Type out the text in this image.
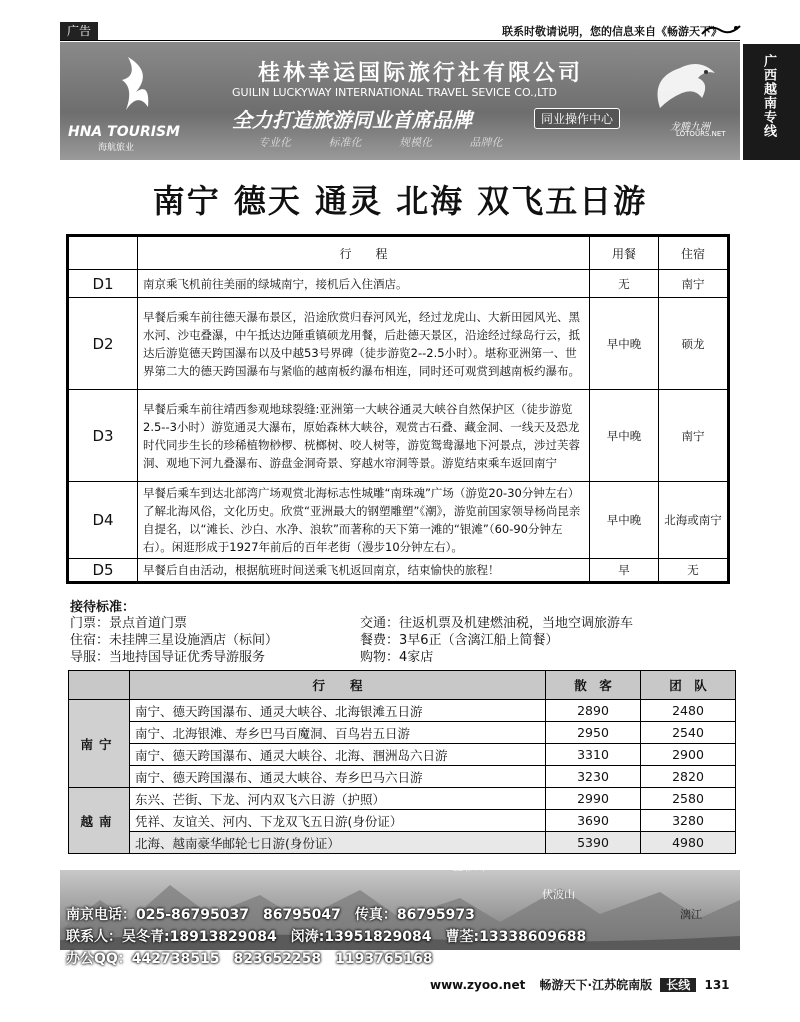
广告	联系时敬请说明，您的信息来自《畅游天下》
广西越南专线
HNA TOURISM
海航旅业
桂林幸运国际旅行社有限公司
GUILIN LUCKYWAY INTERNATIONAL TRAVEL SEVICE CO.,LTD
全力打造旅游同业首席品牌	同业操作中心
专业化	标准化	规模化	品牌化
龙腾九洲
LOTOURS.NET
南宁 德天 通灵 北海 双飞五日游
	行　　程	用餐	住宿
D1	南京乘飞机前往美丽的绿城南宁，接机后入住酒店。	无	南宁
D2	早餐后乘车前往德天瀑布景区，沿途欣赏归春河风光，经过龙虎山、大新田园风光、黑水河、沙屯叠瀑，中午抵达边陲重镇硕龙用餐，后赴德天景区，沿途经过绿岛行云，抵达后游览德天跨国瀑布以及中越53号界碑（徒步游览2--2.5小时）。堪称亚洲第一、世界第二大的德天跨国瀑布与紧临的越南板约瀑布相连，同时还可观赏到越南板约瀑布。	早中晚	硕龙
D3	早餐后乘车前往靖西参观地球裂缝:亚洲第一大峡谷通灵大峡谷自然保护区（徒步游览2.5--3小时）游览通灵大瀑布，原始森林大峡谷，观赏古石叠、藏金洞、一线天及恐龙时代同步生长的珍稀植物桫椤、桄榔树、咬人树等，游览鸳鸯瀑地下河景点，涉过芙蓉洞、观地下河九叠瀑布、游盘金洞奇景、穿越水帘洞等景。游览结束乘车返回南宁	早中晚	南宁
D4	早餐后乘车到达北部湾广场观赏北海标志性城雕“南珠魂”广场（游览20-30分钟左右）了解北海风俗，文化历史。欣赏“亚洲最大的钢塑雕塑”《潮》，游览前国家领导杨尚昆亲自提名，以“滩长、沙白、水净、浪软”而著称的天下第一滩的“银滩”（60-90分钟左右）。闲逛形成于1927年前后的百年老街（漫步10分钟左右）。	早中晚	北海或南宁
D5	早餐后自由活动，根据航班时间送乘飞机返回南京，结束愉快的旅程！	早	无
接待标准：
门票：景点首道门票	交通：往返机票及机建燃油税，当地空调旅游车
住宿：未挂牌三星设施酒店（标间）	餐费：3早6正（含漓江船上简餐）
导服：当地持国导证优秀导游服务	购物：4家店
叠彩山
伏波山
漓江
	行　　程	散　客	团　队
南宁	南宁、德天跨国瀑布、通灵大峡谷、北海银滩五日游	2890	2480
	南宁、北海银滩、寿乡巴马百魔洞、百鸟岩五日游	2950	2540
	南宁、德天跨国瀑布、通灵大峡谷、北海、涠洲岛六日游	3310	2900
	南宁、德天跨国瀑布、通灵大峡谷、寿乡巴马六日游	3230	2820
越南	东兴、芒街、下龙、河内双飞六日游（护照）	2990	2580
	凭祥、友谊关、河内、下龙双飞五日游(身份证）	3690	3280
	北海、越南豪华邮轮七日游(身份证）	5390	4980
南京电话：025-86795037　86795047　传真：86795973
联系人：吴冬青:18913829084　闵涛:13951829084　曹荃:13338609688
办公QQ：442738515　823652258　1193765168
www.zyoo.net 畅游天下·江苏皖南版 长线 131
